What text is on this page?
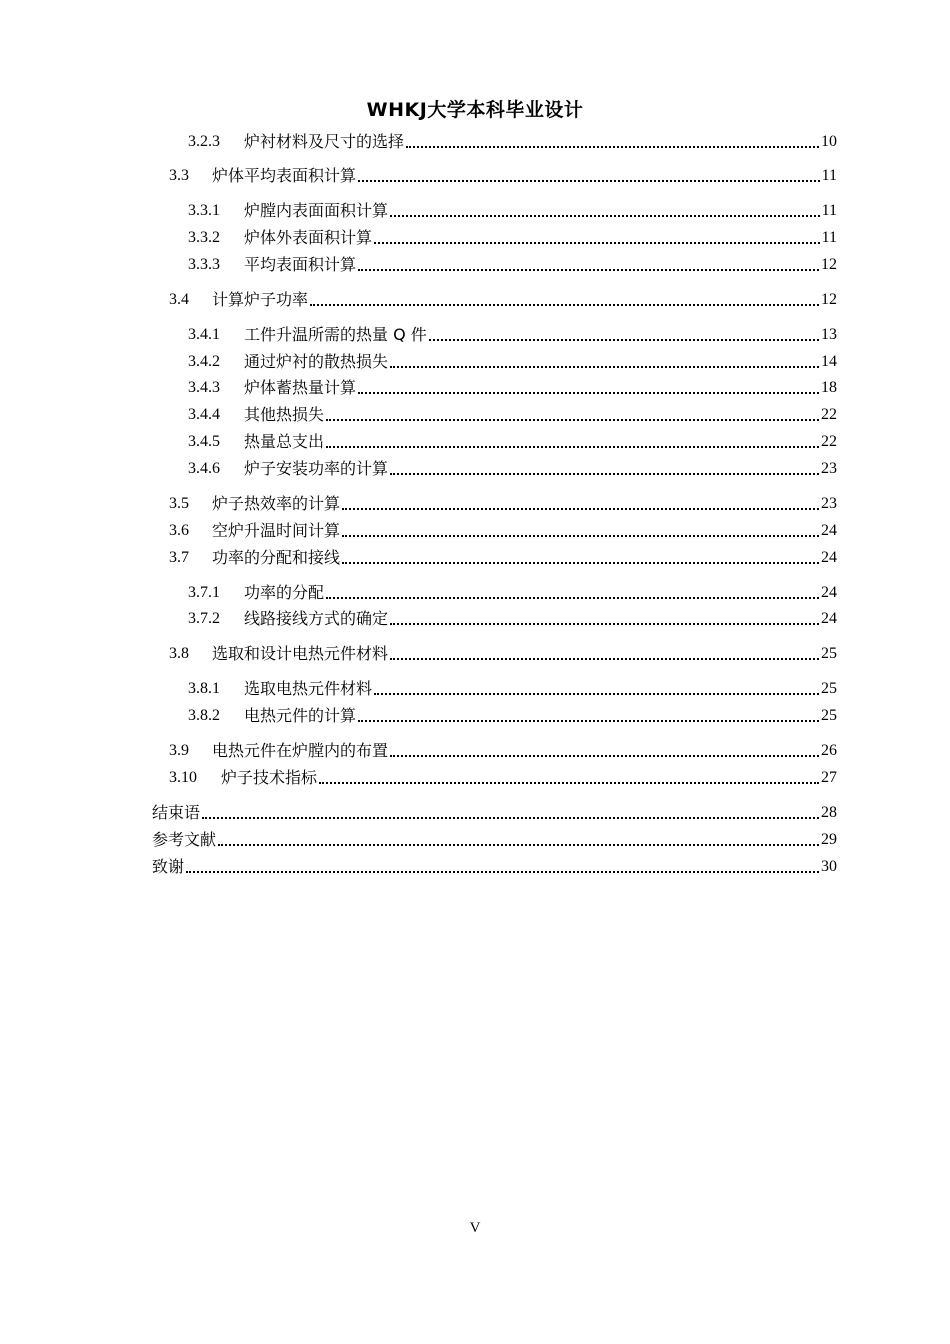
WHKJ大学本科毕业设计
3.2.3	炉衬材料及尺寸的选择	10
3.3	炉体平均表面积计算	11
3.3.1	炉膛内表面面积计算	11
3.3.2	炉体外表面积计算	11
3.3.3	平均表面积计算	12
3.4	计算炉子功率	12
3.4.1	工件升温所需的热量 Q 件	13
3.4.2	通过炉衬的散热损失	14
3.4.3	炉体蓄热量计算	18
3.4.4	其他热损失	22
3.4.5	热量总支出	22
3.4.6	炉子安装功率的计算	23
3.5	炉子热效率的计算	23
3.6	空炉升温时间计算	24
3.7	功率的分配和接线	24
3.7.1	功率的分配	24
3.7.2	线路接线方式的确定	24
3.8	选取和设计电热元件材料	25
3.8.1	选取电热元件材料	25
3.8.2	电热元件的计算	25
3.9	电热元件在炉膛内的布置	26
3.10	炉子技术指标	27
结束语	28
参考文献	29
致谢	30
V
